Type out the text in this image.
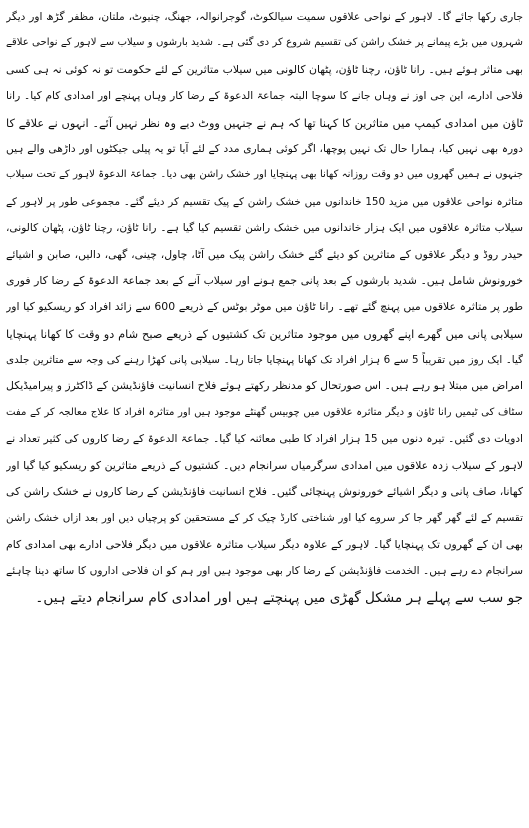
جاری رکھا جائے گا۔ لاہور کے نواحی علاقوں سمیت سیالکوٹ، گوجرانوالہ، جھنگ، چنیوٹ، ملتان، مظفر گڑھ اور دیگر
شہروں میں بڑے پیمانے پر خشک راشن کی تقسیم شروع کر دی گئی ہے۔ شدید بارشوں و سیلاب سے لاہور کے نواحی علاقے
بھی متاثر ہوئے ہیں۔ رانا ٹاؤن، رچنا ٹاؤن، پٹھان کالونی میں سیلاب متاثرین کے لئے حکومت تو نہ کوئی نہ ہی کسی
فلاحی ادارے، این جی اوز نے وہاں جانے کا سوچا البتہ جماعۃ الدعوۃ کے رضا کار وہاں پہنچے اور امدادی کام کیا۔ رانا
ٹاؤن میں امدادی کیمپ میں متاثرین کا کہنا تھا کہ ہم نے جنہیں ووٹ دیے وہ نظر نہیں آئے۔ انہوں نے علاقے کا
دورہ بھی نہیں کیا، ہمارا حال تک نہیں پوچھا، اگر کوئی ہماری مدد کے لئے آیا تو یہ پیلی جیکٹوں اور داڑھی والے ہیں
جنہوں نے ہمیں گھروں میں دو وقت روزانہ کھانا بھی پہنچایا اور خشک راشن بھی دیا۔ جماعۃ الدعوۃ لاہور کے تحت سیلاب
متاثرہ نواحی علاقوں میں مزید 150 خاندانوں میں خشک راشن کے پیک تقسیم کر دیئے گئے۔ مجموعی طور پر لاہور کے
سیلاب متاثرہ علاقوں میں ایک ہزار خاندانوں میں خشک راشن تقسیم کیا گیا ہے۔ رانا ٹاؤن، رچنا ٹاؤن، پٹھان کالونی،
حیدر روڈ و دیگر علاقوں کے متاثرین کو دیئے گئے خشک راشن پیک میں آٹا، چاول، چینی، گھی، دالیں، صابن و اشیائے
خورونوش شامل ہیں۔ شدید بارشوں کے بعد پانی جمع ہونے اور سیلاب آنے کے بعد جماعۃ الدعوۃ کے رضا کار فوری
طور پر متاثرہ علاقوں میں پہنچ گئے تھے۔ رانا ٹاؤن میں موٹر بوٹس کے ذریعے 600 سے زائد افراد کو ریسکیو کیا اور
سیلابی پانی میں گھرے اپنے گھروں میں موجود متاثرین تک کشتیوں کے ذریعے صبح شام دو وقت کا کھانا پہنچایا
گیا۔ ایک روز میں تقریباً 5 سے 6 ہزار افراد تک کھانا پہنچایا جاتا رہا۔ سیلابی پانی کھڑا رہنے کی وجہ سے متاثرین جلدی
امراض میں مبتلا ہو رہے ہیں۔ اس صورتحال کو مدنظر رکھتے ہوئے فلاح انسانیت فاؤنڈیشن کے ڈاکٹرز و پیرامیڈیکل
سٹاف کی ٹیمیں رانا ٹاؤن و دیگر متاثرہ علاقوں میں چوبیس گھنٹے موجود ہیں اور متاثرہ افراد کا علاج معالجہ کر کے مفت
ادویات دی گئیں۔ تیرہ دنوں میں 15 ہزار افراد کا طبی معائنہ کیا گیا۔ جماعۃ الدعوۃ کے رضا کاروں کی کثیر تعداد نے
لاہور کے سیلاب زدہ علاقوں میں امدادی سرگرمیاں سرانجام دیں۔ کشتیوں کے ذریعے متاثرین کو ریسکیو کیا گیا اور
کھانا، صاف پانی و دیگر اشیائے خورونوش پہنچائی گئیں۔ فلاح انسانیت فاؤنڈیشن کے رضا کاروں نے خشک راشن کی
تقسیم کے لئے گھر گھر جا کر سروے کیا اور شناختی کارڈ چیک کر کے مستحقین کو پرچیاں دیں اور بعد ازاں خشک راشن
بھی ان کے گھروں تک پہنچایا گیا۔ لاہور کے علاوہ دیگر سیلاب متاثرہ علاقوں میں دیگر فلاحی ادارے بھی امدادی کام
سرانجام دے رہے ہیں۔ الخدمت فاؤنڈیشن کے رضا کار بھی موجود ہیں اور ہم کو ان فلاحی اداروں کا ساتھ دینا چاہئے
جو سب سے پہلے ہر مشکل گھڑی میں پہنچتے ہیں اور امدادی کام سرانجام دیتے ہیں۔
